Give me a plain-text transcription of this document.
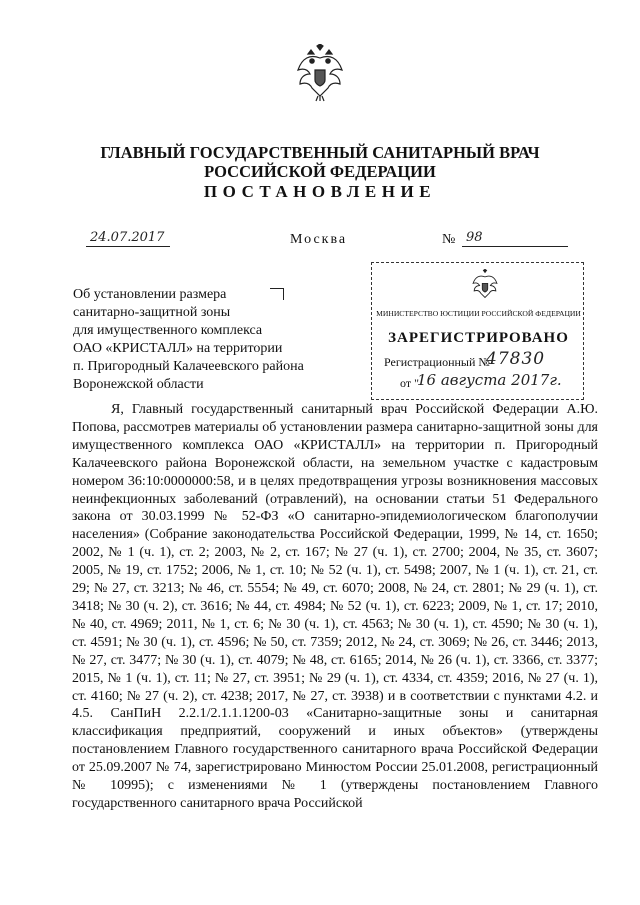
ГЛАВНЫЙ ГОСУДАРСТВЕННЫЙ САНИТАРНЫЙ ВРАЧ
РОССИЙСКОЙ ФЕДЕРАЦИИ
ПОСТАНОВЛЕНИЕ
24.07.2017	Москва	№ 98
Об установлении размера
санитарно-защитной зоны
для имущественного комплекса
ОАО «КРИСТАЛЛ» на территории
п. Пригородный Калачеевского района
Воронежской области
МИНИСТЕРСТВО ЮСТИЦИИ РОССИЙСКОЙ ФЕДЕРАЦИИ
ЗАРЕГИСТРИРОВАНО
Регистрационный №
47830
от "
16 августа 2017г.

Я, Главный государственный санитарный врач Российской Федерации А.Ю. Попова, рассмотрев материалы об установлении размера санитарно-защитной зоны для имущественного комплекса ОАО «КРИСТАЛЛ» на территории п. Пригородный Калачеевского района Воронежской области, на земельном участке с кадастровым номером 36:10:0000000:58, и в целях предотвращения угрозы возникновения массовых неинфекционных заболеваний (отравлений), на основании статьи 51 Федерального закона от 30.03.1999 № 52-ФЗ «О санитарно-эпидемиологическом благополучии населения» (Собрание законодательства Российской Федерации, 1999, № 14, ст. 1650; 2002, № 1 (ч. 1), ст. 2; 2003, № 2, ст. 167; № 27 (ч. 1), ст. 2700; 2004, № 35, ст. 3607; 2005, № 19, ст. 1752; 2006, № 1, ст. 10; № 52 (ч. 1), ст. 5498; 2007, № 1 (ч. 1), ст. 21, ст. 29; № 27, ст. 3213; № 46, ст. 5554; № 49, ст. 6070; 2008, № 24, ст. 2801; № 29 (ч. 1), ст. 3418; № 30 (ч. 2), ст. 3616; № 44, ст. 4984; № 52 (ч. 1), ст. 6223; 2009, № 1, ст. 17; 2010, № 40, ст. 4969; 2011, № 1, ст. 6; № 30 (ч. 1), ст. 4563; № 30 (ч. 1), ст. 4590; № 30 (ч. 1), ст. 4591; № 30 (ч. 1), ст. 4596; № 50, ст. 7359; 2012, № 24, ст. 3069; № 26, ст. 3446; 2013, № 27, ст. 3477; № 30 (ч. 1), ст. 4079; № 48, ст. 6165; 2014, № 26 (ч. 1), ст. 3366, ст. 3377; 2015, № 1 (ч. 1), ст. 11; № 27, ст. 3951; № 29 (ч. 1), ст. 4334, ст. 4359; 2016, № 27 (ч. 1), ст. 4160; № 27 (ч. 2), ст. 4238; 2017, № 27, ст. 3938) и в соответствии с пунктами 4.2. и 4.5. СанПиН 2.2.1/2.1.1.1200-03 «Санитарно-защитные зоны и санитарная классификация предприятий, сооружений и иных объектов» (утверждены постановлением Главного государственного санитарного врача Российской Федерации от 25.09.2007 № 74, зарегистрировано Минюстом России 25.01.2008, регистрационный № 10995); с изменениями № 1 (утверждены постановлением Главного государственного санитарного врача Российской
